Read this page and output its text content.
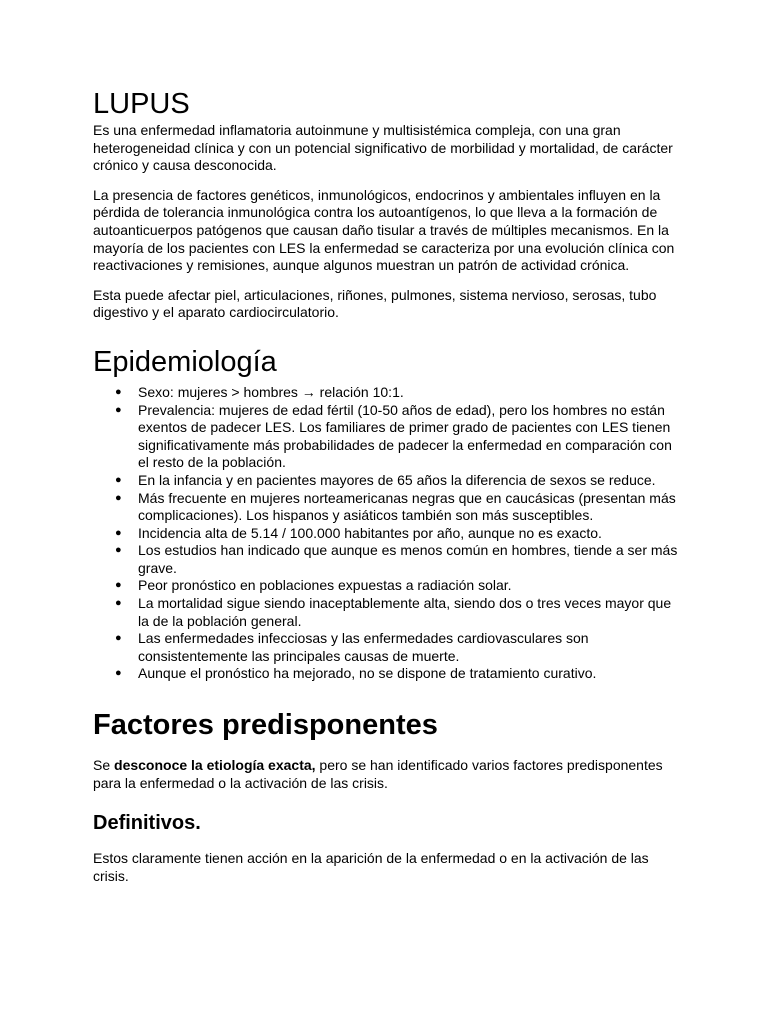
LUPUS

Es una enfermedad inflamatoria autoinmune y multisistémica compleja, con una gran heterogeneidad clínica y con un potencial significativo de morbilidad y mortalidad, de carácter crónico y causa desconocida.

La presencia de factores genéticos, inmunológicos, endocrinos y ambientales influyen en la pérdida de tolerancia inmunológica contra los autoantígenos, lo que lleva a la formación de autoanticuerpos patógenos que causan daño tisular a través de múltiples mecanismos. En la mayoría de los pacientes con LES la enfermedad se caracteriza por una evolución clínica con reactivaciones y remisiones, aunque algunos muestran un patrón de actividad crónica.

Esta puede afectar piel, articulaciones, riñones, pulmones, sistema nervioso, serosas, tubo digestivo y el aparato cardiocirculatorio.

Epidemiología
● Sexo: mujeres > hombres → relación 10:1.
● Prevalencia: mujeres de edad fértil (10-50 años de edad), pero los hombres no están exentos de padecer LES. Los familiares de primer grado de pacientes con LES tienen significativamente más probabilidades de padecer la enfermedad en comparación con el resto de la población.
● En la infancia y en pacientes mayores de 65 años la diferencia de sexos se reduce.
● Más frecuente en mujeres norteamericanas negras que en caucásicas (presentan más complicaciones). Los hispanos y asiáticos también son más susceptibles.
● Incidencia alta de 5.14 / 100.000 habitantes por año, aunque no es exacto.
● Los estudios han indicado que aunque es menos común en hombres, tiende a ser más grave.
● Peor pronóstico en poblaciones expuestas a radiación solar.
● La mortalidad sigue siendo inaceptablemente alta, siendo dos o tres veces mayor que la de la población general.
● Las enfermedades infecciosas y las enfermedades cardiovasculares son consistentemente las principales causas de muerte.
● Aunque el pronóstico ha mejorado, no se dispone de tratamiento curativo.
Factores predisponentes

Se desconoce la etiología exacta, pero se han identificado varios factores predisponentes para la enfermedad o la activación de las crisis.

Definitivos.

Estos claramente tienen acción en la aparición de la enfermedad o en la activación de las crisis.
